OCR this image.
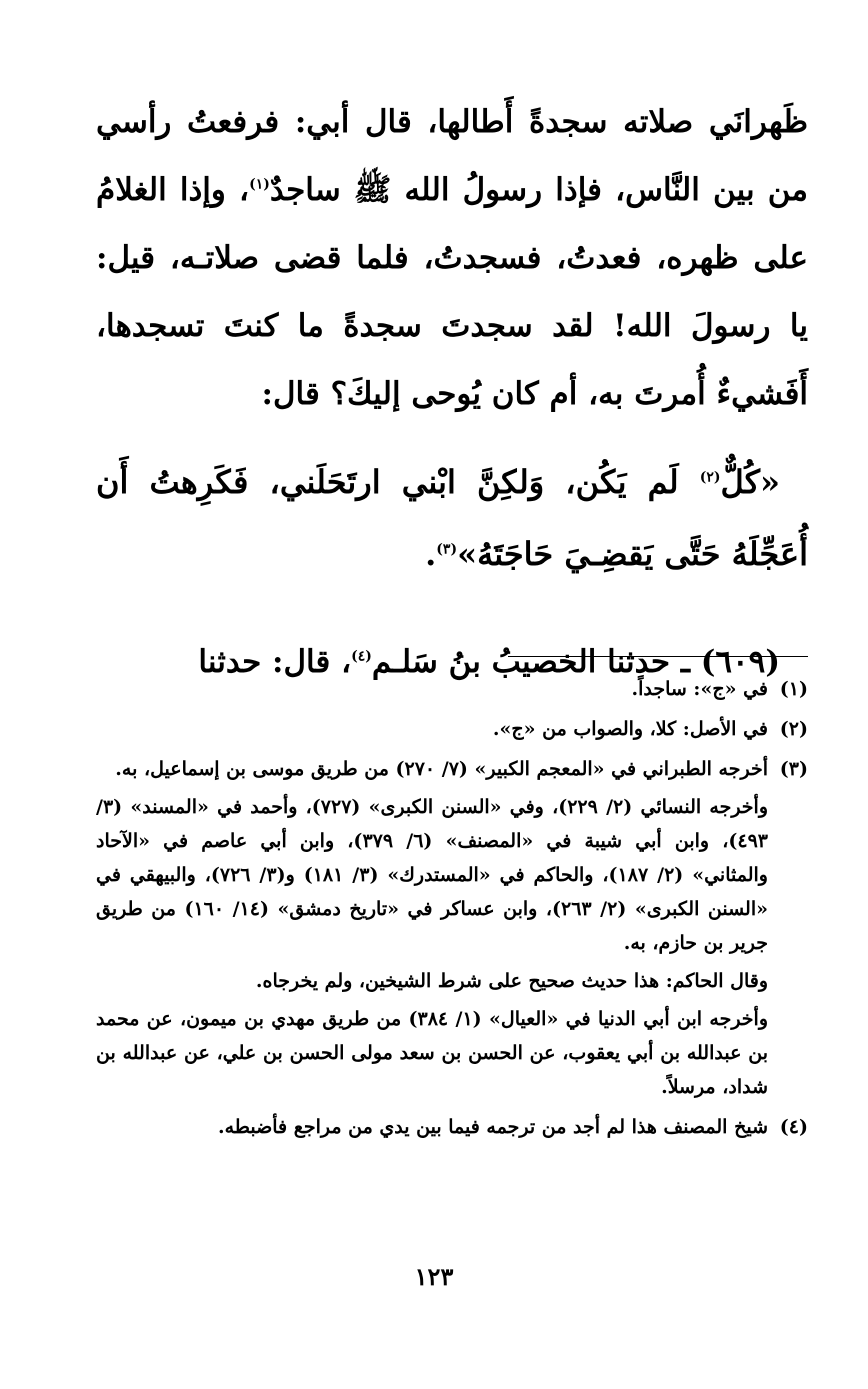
ظَهرانَي صلاته سجدةً أَطالها، قال أبي: فرفعتُ رأسي من بين النَّاس، فإذا رسولُ الله ﷺ ساجدٌ$^{(١)}$، وإذا الغلامُ على ظهره، فعدتُ، فسجدتُ، فلما قضى صلاتـه، قيل: يا رسولَ الله! لقد سجدتَ سجدةً ما كنتَ تسجدها، أَفَشيءٌ أُمرتَ به، أم كان يُوحى إليكَ؟ قال:

«كُلٌّ$^{(٢)}$ لَم يَكُن، وَلكِنَّ ابْني ارتَحَلَني، فَكَرِهتُ أَن أُعَجِّلَهُ حَتَّى يَقضِـيَ حَاجَتَهُ»$^{(٣)}$.

(٦٠٩) ـ حدثنا الخصيبُ بنُ سَلـم$^{(٤)}$، قال: حدثنا

(١)

في «ج»: ساجداً.

(٢)

في الأصل: كلا، والصواب من «ج».

(٣)

أخرجه الطبراني في «المعجم الكبير» (٧/ ٢٧٠) من طريق موسى بن إسماعيل، به.

وأخرجه النسائي (٢/ ٢٢٩)، وفي «السنن الكبرى» (٧٢٧)، وأحمد في «المسند» (٣/ ٤٩٣)، وابن أبي شيبة في «المصنف» (٦/ ٣٧٩)، وابن أبي عاصم في «الآحاد والمثاني» (٢/ ١٨٧)، والحاكم في «المستدرك» (٣/ ١٨١) و(٣/ ٧٢٦)، والبيهقي في «السنن الكبرى» (٢/ ٢٦٣)، وابن عساكر في «تاريخ دمشق» (١٤/ ١٦٠) من طريق جرير بن حازم، به.

وقال الحاكم: هذا حديث صحيح على شرط الشيخين، ولم يخرجاه.

وأخرجه ابن أبي الدنيا في «العيال» (١/ ٣٨٤) من طريق مهدي بن ميمون، عن محمد بن عبدالله بن أبي يعقوب، عن الحسن بن سعد مولى الحسن بن علي، عن عبدالله بن شداد، مرسلاً.

(٤)

شيخ المصنف هذا لم أجد من ترجمه فيما بين يدي من مراجع فأضبطه.

١٢٣
